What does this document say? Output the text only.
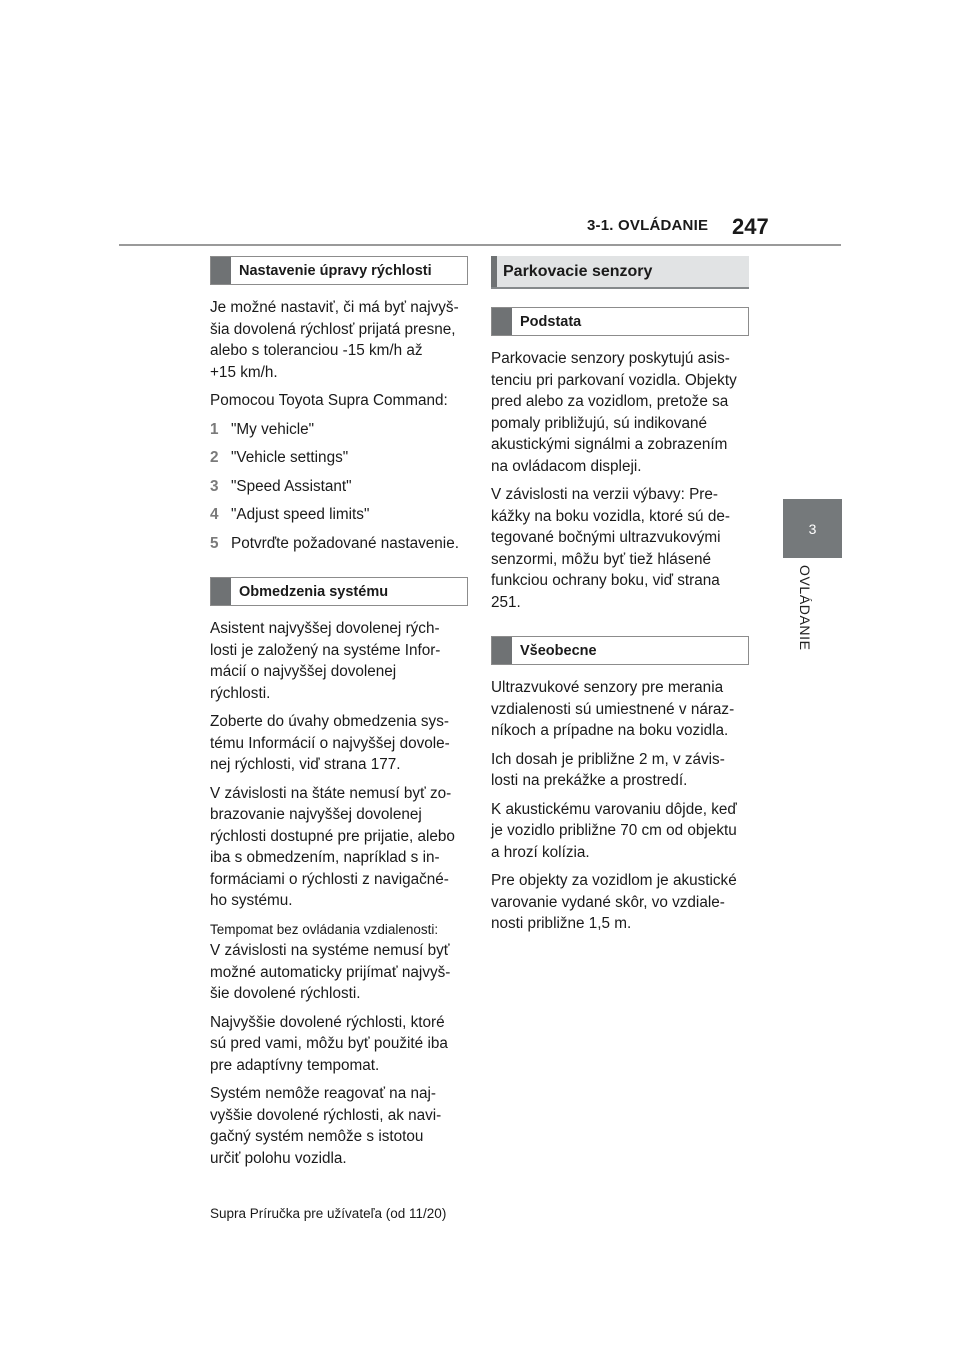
3-1. OVLÁDANIE 247
3
OVLÁDANIE
Nastavenie úpravy rýchlosti

Je možné nastaviť, či má byť najvyš-
šia dovolená rýchlosť prijatá presne,
alebo s toleranciou -15 km/h až
+15 km/h.

Pomocou Toyota Supra Command:

1 "My vehicle"
2 "Vehicle settings"
3 "Speed Assistant"
4 "Adjust speed limits"
5 Potvrďte požadované nastavenie.
Obmedzenia systému

Asistent najvyššej dovolenej rých-
losti je založený na systéme Infor-
mácií o najvyššej dovolenej
rýchlosti.

Zoberte do úvahy obmedzenia sys-
tému Informácií o najvyššej dovole-
nej rýchlosti, viď strana 177.

V závislosti na štáte nemusí byť zo-
brazovanie najvyššej dovolenej
rýchlosti dostupné pre prijatie, alebo
iba s obmedzením, napríklad s in-
formáciami o rýchlosti z navigačné-
ho systému.

Tempomat bez ovládania vzdialenosti:

V závislosti na systéme nemusí byť
možné automaticky prijímať najvyš-
šie dovolené rýchlosti.

Najvyššie dovolené rýchlosti, ktoré
sú pred vami, môžu byť použité iba
pre adaptívny tempomat.

Systém nemôže reagovať na naj-
vyššie dovolené rýchlosti, ak navi-
gačný systém nemôže s istotou
určiť polohu vozidla.

Parkovacie senzory
Podstata

Parkovacie senzory poskytujú asis-
tenciu pri parkovaní vozidla. Objekty
pred alebo za vozidlom, pretože sa
pomaly približujú, sú indikované
akustickými signálmi a zobrazením
na ovládacom displeji.

V závislosti na verzii výbavy: Pre-
kážky na boku vozidla, ktoré sú de-
tegované bočnými ultrazvukovými
senzormi, môžu byť tiež hlásené
funkciou ochrany boku, viď strana
251.

Všeobecne

Ultrazvukové senzory pre merania
vzdialenosti sú umiestnené v náraz-
níkoch a prípadne na boku vozidla.

Ich dosah je približne 2 m, v závis-
losti na prekážke a prostredí.

K akustickému varovaniu dôjde, keď
je vozidlo približne 70 cm od objektu
a hrozí kolízia.

Pre objekty za vozidlom je akustické
varovanie vydané skôr, vo vzdiale-
nosti približne 1,5 m.

Supra Príručka pre užívateľa (od 11/20)
